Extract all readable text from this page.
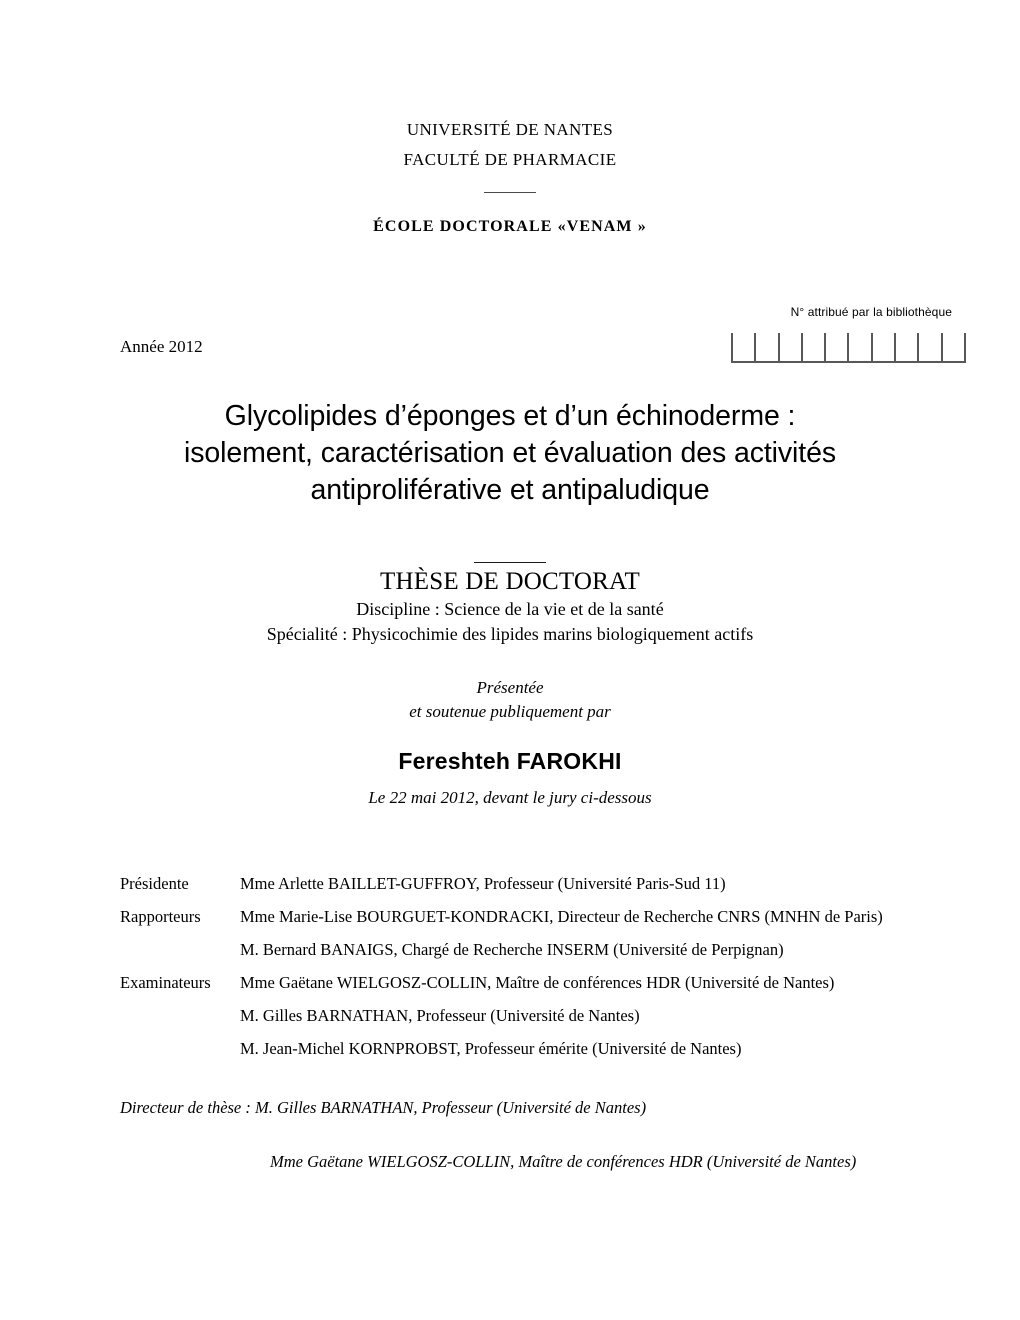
UNIVERSITÉ DE NANTES
FACULTÉ DE PHARMACIE
ÉCOLE DOCTORALE «VENAM »
N° attribué par la bibliothèque
Année 2012
Glycolipides d’éponges et d’un échinoderme :
isolement, caractérisation et évaluation des activités
antiproliférative et antipaludique
THÈSE DE DOCTORAT
Discipline : Science de la vie et de la santé
Spécialité : Physicochimie des lipides marins biologiquement actifs
Présentée
et soutenue publiquement par
Fereshteh FAROKHI
Le 22 mai 2012, devant le jury ci-dessous
Présidente	Mme Arlette BAILLET-GUFFROY, Professeur (Université Paris-Sud 11)
Rapporteurs	Mme Marie-Lise BOURGUET-KONDRACKI, Directeur de Recherche CNRS (MNHN de Paris)
M. Bernard BANAIGS, Chargé de Recherche INSERM (Université de Perpignan)
Examinateurs	Mme Gaëtane WIELGOSZ-COLLIN, Maître de conférences HDR (Université de Nantes)
M. Gilles BARNATHAN, Professeur (Université de Nantes)
M. Jean-Michel KORNPROBST, Professeur émérite (Université de Nantes)
Directeur de thèse : M. Gilles BARNATHAN, Professeur (Université de Nantes)
Mme Gaëtane WIELGOSZ-COLLIN, Maître de conférences HDR (Université de Nantes)
